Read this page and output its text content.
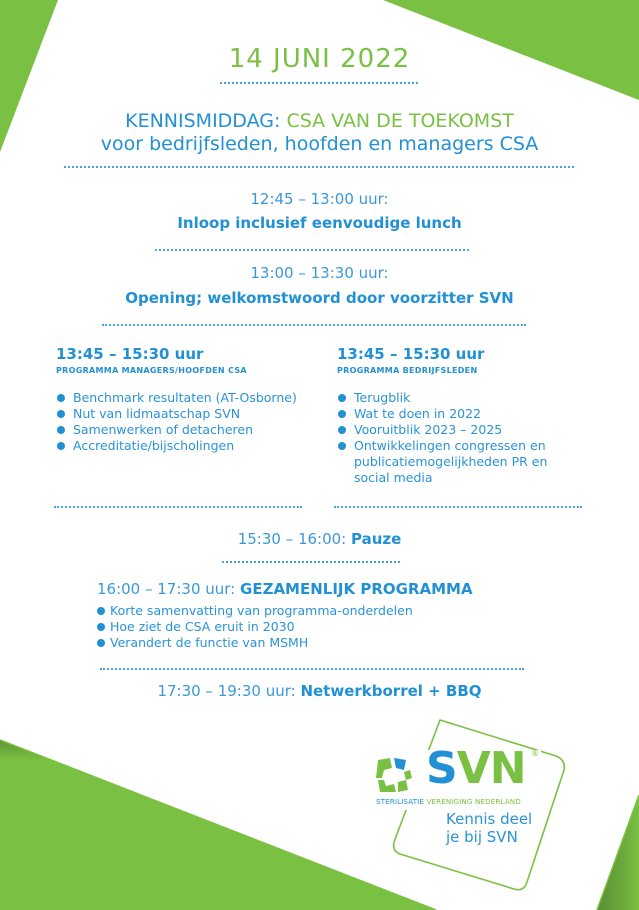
14 JUNI 2022
KENNISMIDDAG: CSA VAN DE TOEKOMST
voor bedrijfsleden, hoofden en managers CSA
12:45 – 13:00 uur:
Inloop inclusief eenvoudige lunch
13:00 – 13:30 uur:
Opening; welkomstwoord door voorzitter SVN
13:45 – 15:30 uur
PROGRAMMA MANAGERS/HOOFDEN CSA
Benchmark resultaten (AT-Osborne)
Nut van lidmaatschap SVN
Samenwerken of detacheren
Accreditatie/bijscholingen
13:45 – 15:30 uur
PROGRAMMA BEDRIJFSLEDEN
Terugblik
Wat te doen in 2022
Vooruitblik 2023 – 2025
Ontwikkelingen congressen en publicatiemogelijkheden PR en social media
15:30 – 16:00: Pauze
16:00 – 17:30 uur: GEZAMENLIJK PROGRAMMA
Korte samenvatting van programma-onderdelen
Hoe ziet de CSA eruit in 2030
Verandert de functie van MSMH
17:30 – 19:30 uur: Netwerkborrel + BBQ
SVN ®
STERILISATIE VERENIGING NEDERLAND
Kennis deel
je bij SVN
